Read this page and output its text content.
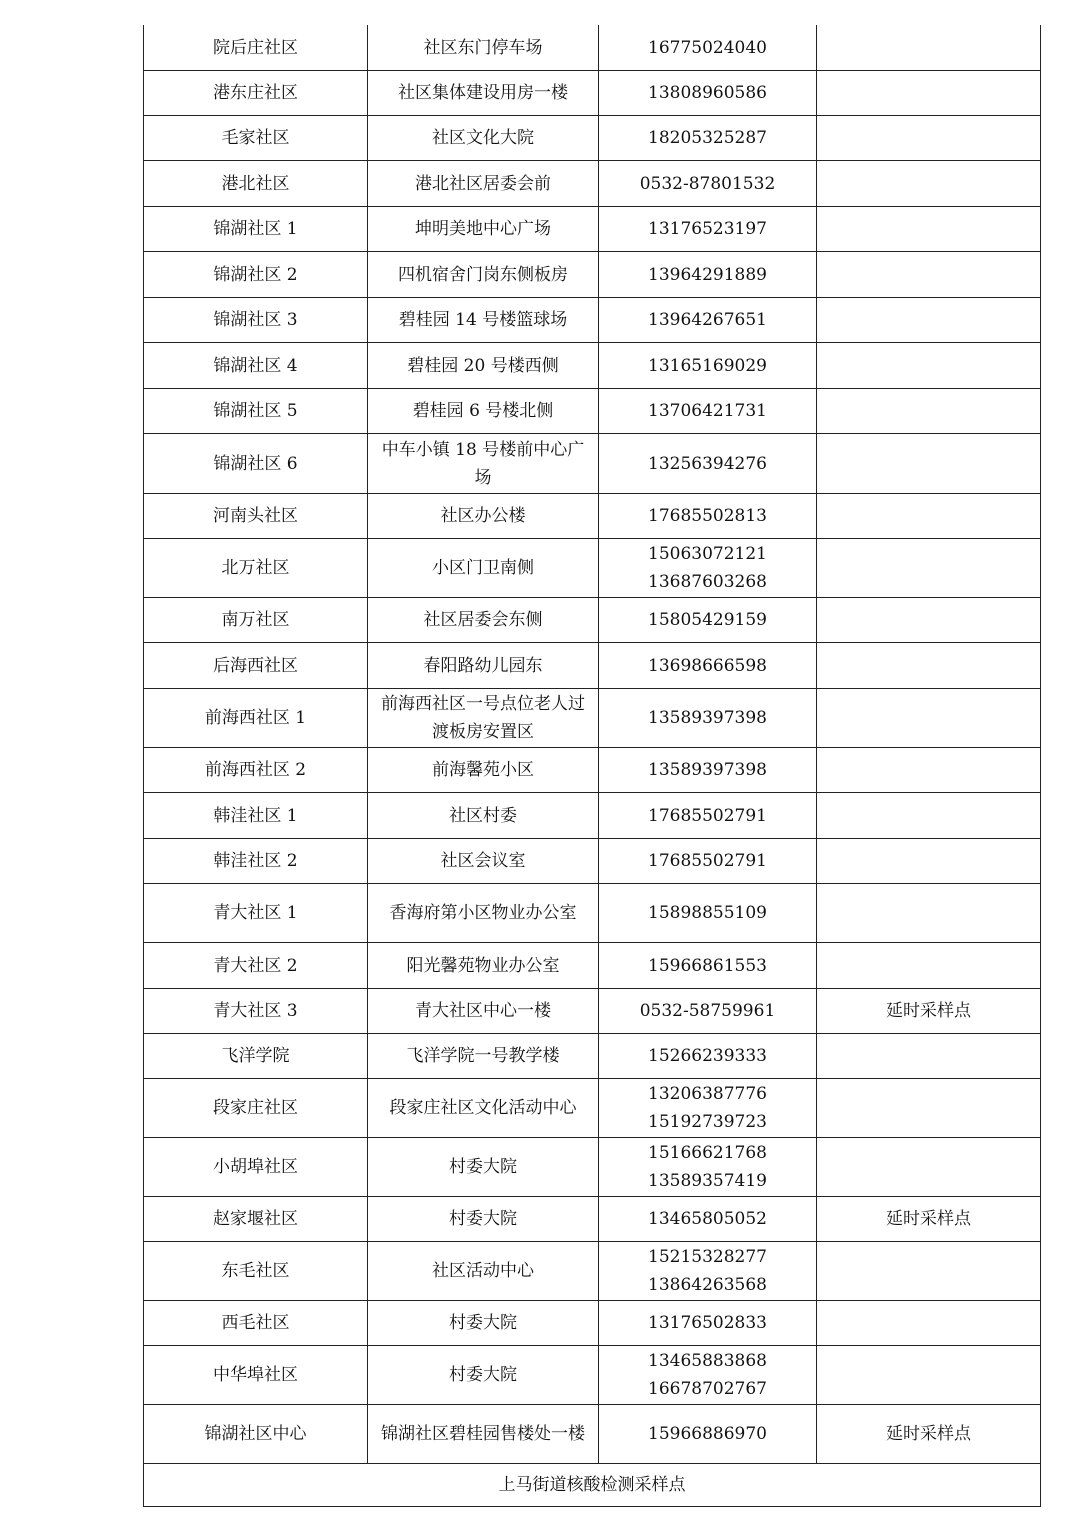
院后庄社区	社区东门停车场	16775024040	

港东庄社区	社区集体建设用房一楼	13808960586	

毛家社区	社区文化大院	18205325287	

港北社区	港北社区居委会前	0532-87801532	

锦湖社区 1	坤明美地中心广场	13176523197	

锦湖社区 2	四机宿舍门岗东侧板房	13964291889	

锦湖社区 3	碧桂园 14 号楼篮球场	13964267651	

锦湖社区 4	碧桂园 20 号楼西侧	13165169029	

锦湖社区 5	碧桂园 6 号楼北侧	13706421731	

锦湖社区 6	中车小镇 18 号楼前中心广场	13256394276	

河南头社区	社区办公楼	17685502813	

北万社区	小区门卫南侧	15063072121
13687603268	

南万社区	社区居委会东侧	15805429159	

后海西社区	春阳路幼儿园东	13698666598	

前海西社区 1	前海西社区一号点位老人过渡板房安置区	13589397398	

前海西社区 2	前海馨苑小区	13589397398	

韩洼社区 1	社区村委	17685502791	

韩洼社区 2	社区会议室	17685502791	

青大社区 1	香海府第小区物业办公室	15898855109	

青大社区 2	阳光馨苑物业办公室	15966861553	

青大社区 3	青大社区中心一楼	0532-58759961	延时采样点
飞洋学院	飞洋学院一号教学楼	15266239333	

段家庄社区	段家庄社区文化活动中心	13206387776
15192739723	

小胡埠社区	村委大院	15166621768
13589357419	

赵家堰社区	村委大院	13465805052	延时采样点
东毛社区	社区活动中心	15215328277
13864263568	

西毛社区	村委大院	13176502833	

中华埠社区	村委大院	13465883868
16678702767	

锦湖社区中心	锦湖社区碧桂园售楼处一楼	15966886970	延时采样点
上马街道核酸检测采样点			
